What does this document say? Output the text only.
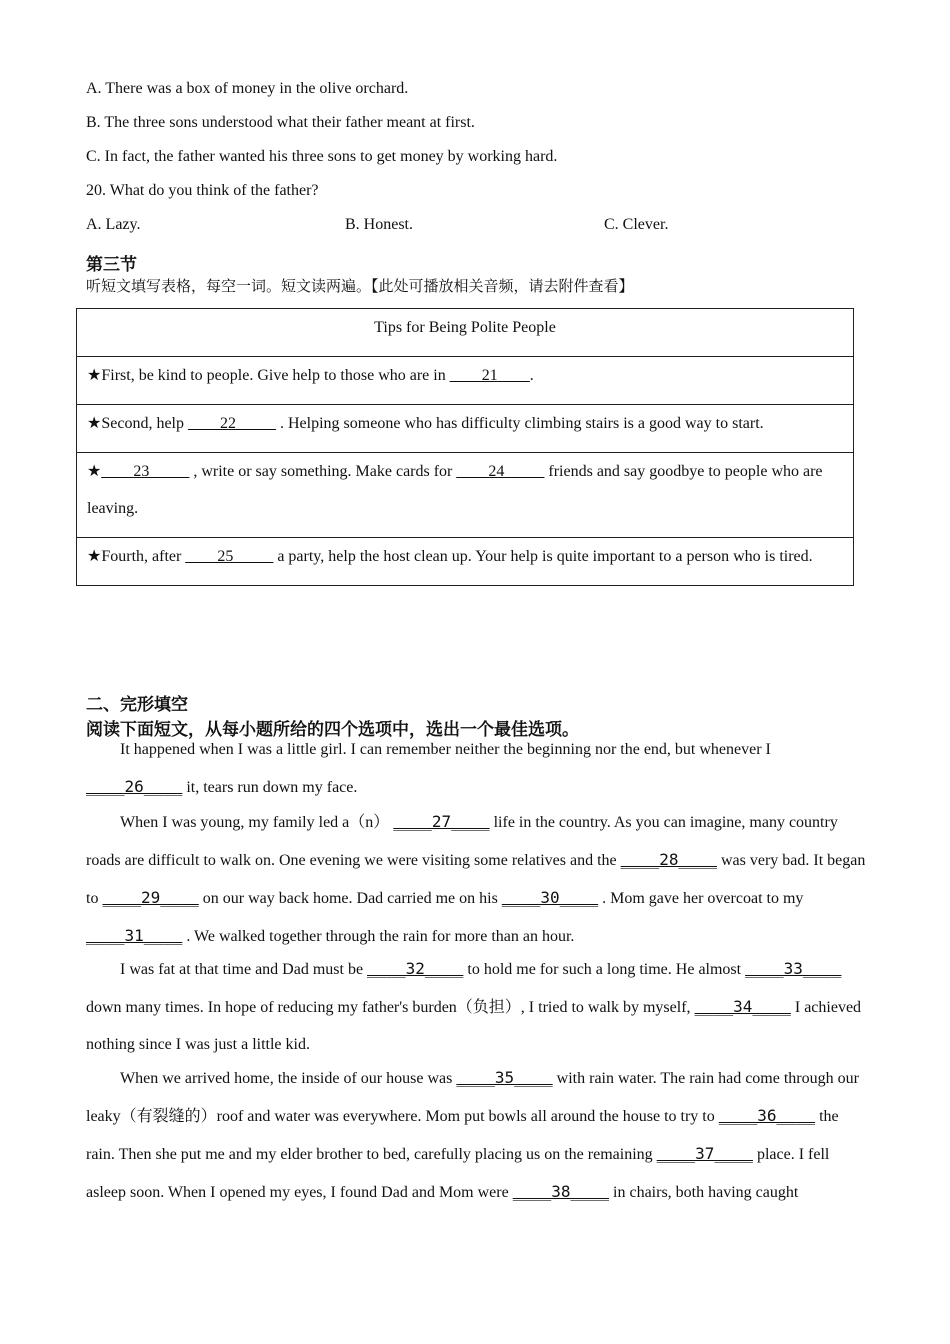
A. There was a box of money in the olive orchard.
B. The three sons understood what their father meant at first.
C. In fact, the father wanted his three sons to get money by working hard.
20. What do you think of the father?
A. Lazy.	B. Honest.	C. Clever.
第三节
听短文填写表格，每空一词。短文读两遍。【此处可播放相关音频，请去附件查看】
Tips for Being Polite People
★First, be kind to people. Give help to those who are in ____21____.
★Second, help ____22_____ . Helping someone who has difficulty climbing stairs is a good way to start.
★____23_____ , write or say something. Make cards for ____24_____ friends and say goodbye to people who are
leaving.
★Fourth, after ____25_____ a party, help the host clean up. Your help is quite important to a person who is tired.
二、完形填空
阅读下面短文，从每小题所给的四个选项中，选出一个最佳选项。
It happened when I was a little girl. I can remember neither the beginning nor the end, but whenever I ____26____ it, tears run down my face.
When I was young, my family led a（n） ____27____ life in the country. As you can imagine, many country roads are difficult to walk on. One evening we were visiting some relatives and the ____28____ was very bad. It began to ____29____ on our way back home. Dad carried me on his ____30____ . Mom gave her overcoat to my ____31____ . We walked together through the rain for more than an hour.
I was fat at that time and Dad must be ____32____ to hold me for such a long time. He almost ____33____ down many times. In hope of reducing my father's burden（负担）, I tried to walk by myself, ____34____ I achieved nothing since I was just a little kid.
When we arrived home, the inside of our house was ____35____ with rain water. The rain had come through our leaky（有裂缝的）roof and water was everywhere. Mom put bowls all around the house to try to ____36____ the rain. Then she put me and my elder brother to bed, carefully placing us on the remaining ____37____ place. I fell asleep soon. When I opened my eyes, I found Dad and Mom were ____38____ in chairs, both having caught
